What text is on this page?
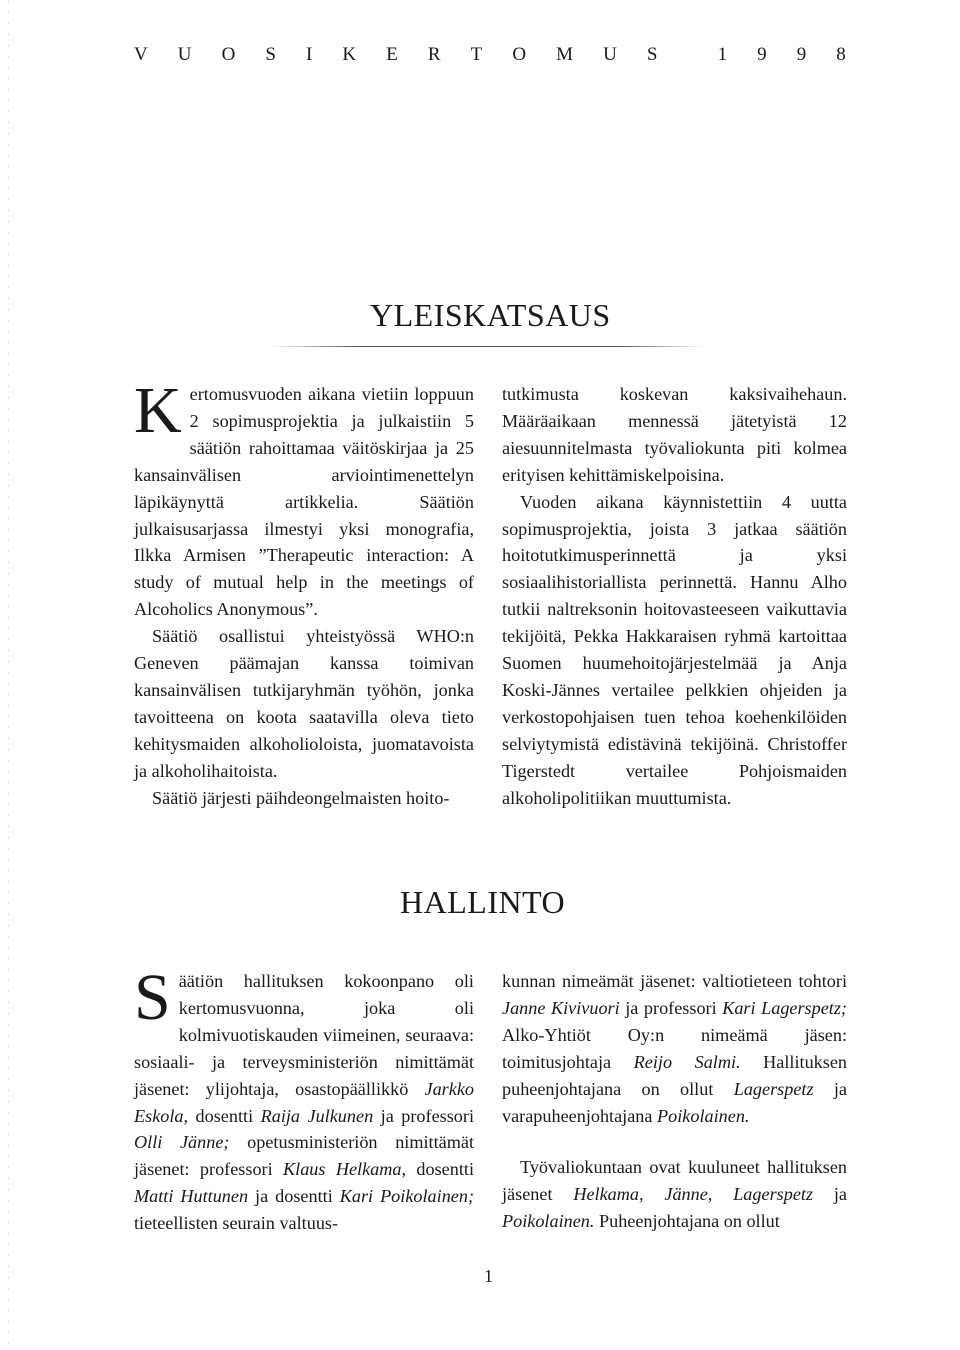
V U O S I K E R T O M U S	1 9 9 8
YLEISKATSAUS

Kertomusvuoden aikana vietiin loppuun 2 sopimusprojektia ja julkaistiin 5 säätiön rahoittamaa väitöskirjaa ja 25 kansainvälisen arviointimenettelyn läpikäynyttä artikkelia. Säätiön julkaisusarjassa ilmestyi yksi monografia, Ilkka Armisen ”Therapeutic interaction: A study of mutual help in the meetings of Alcoholics Anonymous”.

Säätiö osallistui yhteistyössä WHO:n Geneven päämajan kanssa toimivan kansainvälisen tutkijaryhmän työhön, jonka tavoitteena on koota saatavilla oleva tieto kehitysmaiden alkoholioloista, juomatavoista ja alkoholihaitoista.

Säätiö järjesti päihdeongelmaisten hoito-

tutkimusta koskevan kaksivaihehaun. Määräaikaan mennessä jätetyistä 12 aiesuunnitelmasta työvaliokunta piti kolmea erityisen kehittämiskelpoisina.

Vuoden aikana käynnistettiin 4 uutta sopimusprojektia, joista 3 jatkaa säätiön hoitotutkimusperinnettä ja yksi sosiaalihistoriallista perinnettä. Hannu Alho tutkii naltreksonin hoitovasteeseen vaikuttavia tekijöitä, Pekka Hakkaraisen ryhmä kartoittaa Suomen huumehoitojärjestelmää ja Anja Koski-Jännes vertailee pelkkien ohjeiden ja verkostopohjaisen tuen tehoa koehenkilöiden selviytymistä edistävinä tekijöinä. Christoffer Tigerstedt vertailee Pohjoismaiden alkoholipolitiikan muuttumista.

HALLINTO

Säätiön hallituksen kokoonpano oli kertomusvuonna, joka oli kolmivuotiskauden viimeinen, seuraava: sosiaali- ja terveysministeriön nimittämät jäsenet: ylijohtaja, osastopäällikkö Jarkko Eskola, dosentti Raija Julkunen ja professori Olli Jänne; opetusministeriön nimittämät jäsenet: professori Klaus Helkama, dosentti Matti Huttunen ja dosentti Kari Poikolainen; tieteellisten seurain valtuus-

kunnan nimeämät jäsenet: valtiotieteen tohtori Janne Kivivuori ja professori Kari Lagerspetz; Alko-Yhtiöt Oy:n nimeämä jäsen: toimitusjohtaja Reijo Salmi. Hallituksen puheenjohtajana on ollut Lagerspetz ja varapuheenjohtajana Poikolainen.

Työvaliokuntaan ovat kuuluneet hallituksen jäsenet Helkama, Jänne, Lagerspetz ja Poikolainen. Puheenjohtajana on ollut

1
